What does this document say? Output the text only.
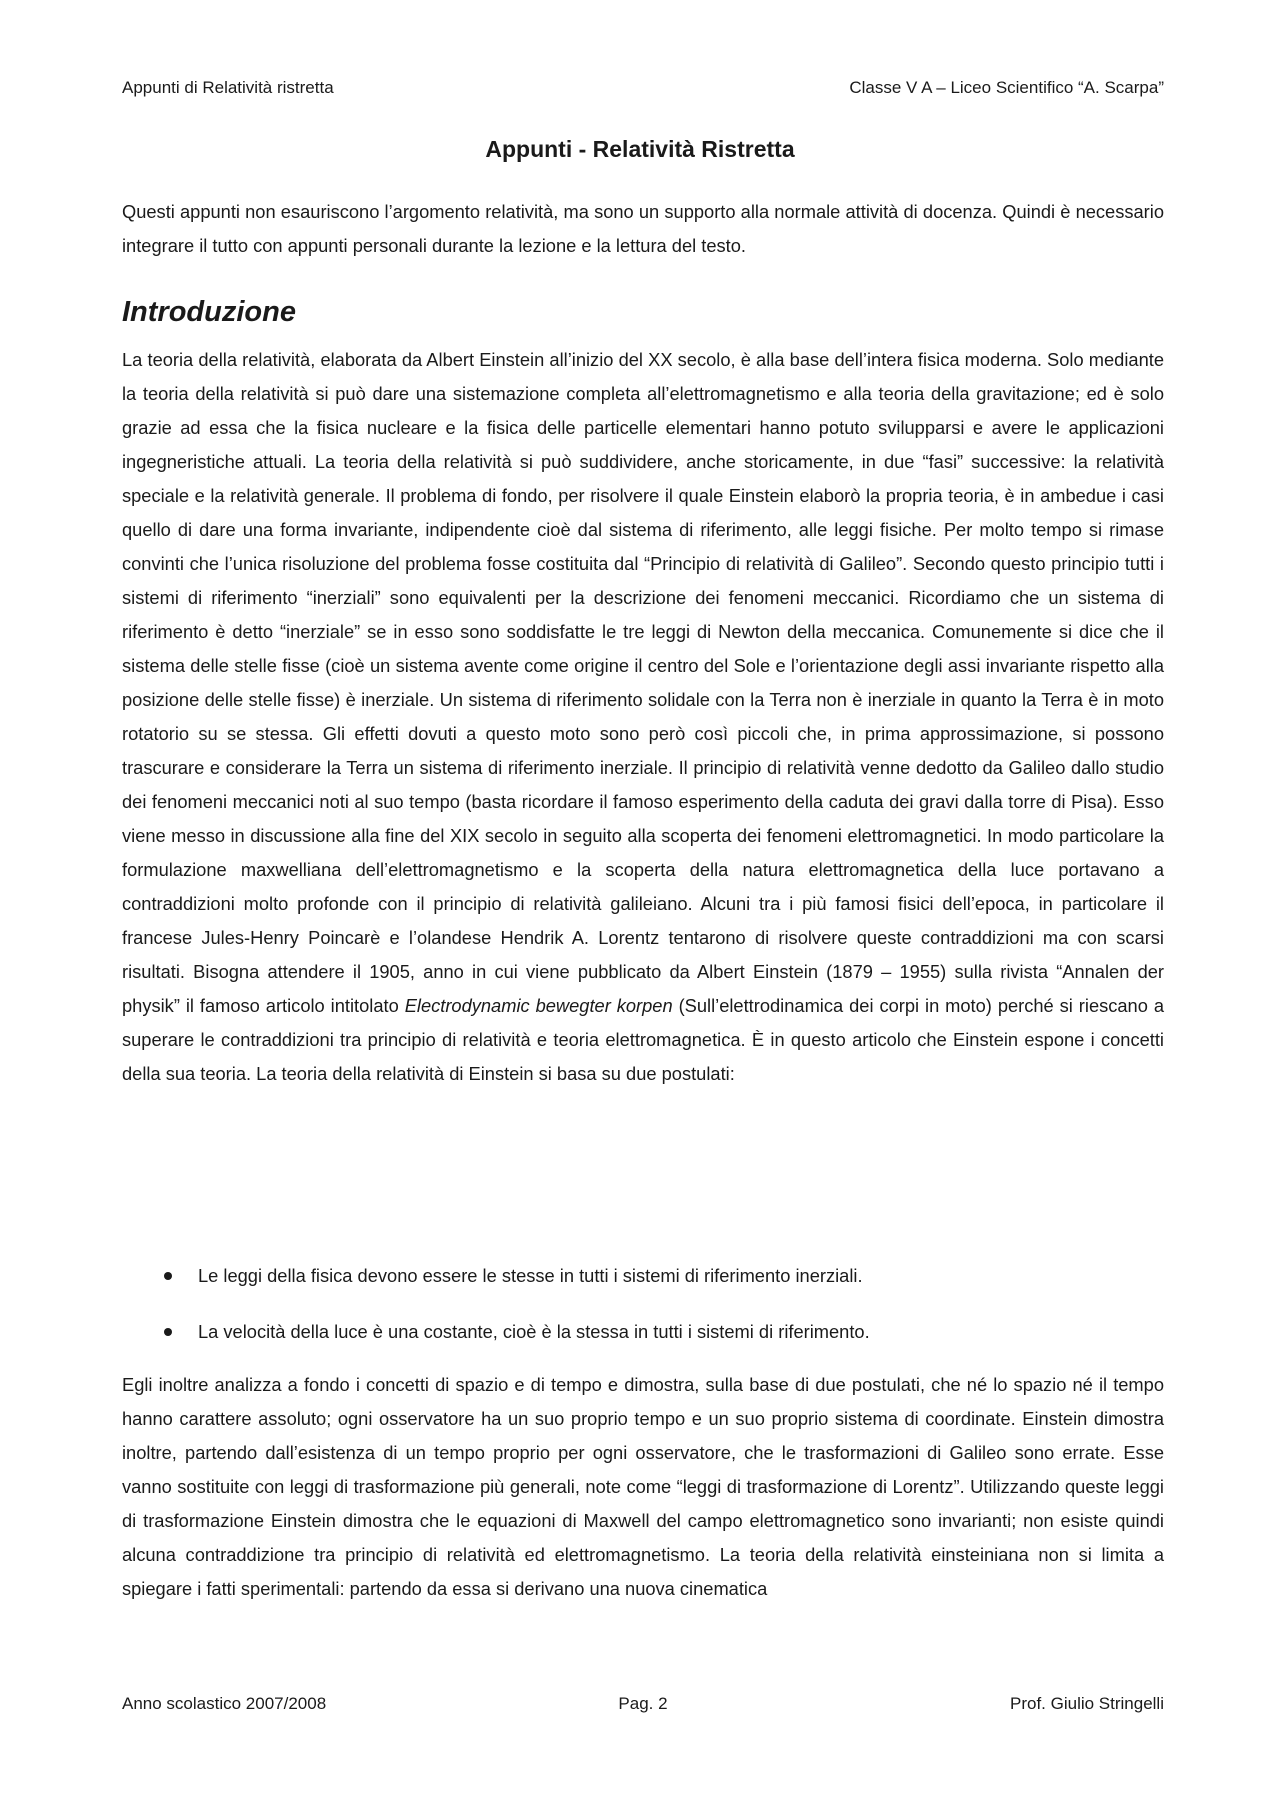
Appunti di Relatività ristretta	Classe V A – Liceo Scientifico “A. Scarpa”
Appunti - Relatività Ristretta
Questi appunti non esauriscono l’argomento relatività, ma sono un supporto alla normale attività di docenza. Quindi è necessario integrare il tutto con appunti personali durante la lezione e la lettura del testo.
Introduzione
La teoria della relatività, elaborata da Albert Einstein all’inizio del XX secolo, è alla base dell’intera fisica moderna. Solo mediante la teoria della relatività si può dare una sistemazione completa all’elettromagnetismo e alla teoria della gravitazione; ed è solo grazie ad essa che la fisica nucleare e la fisica delle particelle elementari hanno potuto svilupparsi e avere le applicazioni ingegneristiche attuali. La teoria della relatività si può suddividere, anche storicamente, in due “fasi” successive: la relatività speciale e la relatività generale. Il problema di fondo, per risolvere il quale Einstein elaborò la propria teoria, è in ambedue i casi quello di dare una forma invariante, indipendente cioè dal sistema di riferimento, alle leggi fisiche. Per molto tempo si rimase convinti che l’unica risoluzione del problema fosse costituita dal “Principio di relatività di Galileo”. Secondo questo principio tutti i sistemi di riferimento “inerziali” sono equivalenti per la descrizione dei fenomeni meccanici. Ricordiamo che un sistema di riferimento è detto “inerziale” se in esso sono soddisfatte le tre leggi di Newton della meccanica. Comunemente si dice che il sistema delle stelle fisse (cioè un sistema avente come origine il centro del Sole e l’orientazione degli assi invariante rispetto alla posizione delle stelle fisse) è inerziale. Un sistema di riferimento solidale con la Terra non è inerziale in quanto la Terra è in moto rotatorio su se stessa. Gli effetti dovuti a questo moto sono però così piccoli che, in prima approssimazione, si possono trascurare e considerare la Terra un sistema di riferimento inerziale. Il principio di relatività venne dedotto da Galileo dallo studio dei fenomeni meccanici noti al suo tempo (basta ricordare il famoso esperimento della caduta dei gravi dalla torre di Pisa). Esso viene messo in discussione alla fine del XIX secolo in seguito alla scoperta dei fenomeni elettromagnetici. In modo particolare la formulazione maxwelliana dell’elettromagnetismo e la scoperta della natura elettromagnetica della luce portavano a contraddizioni molto profonde con il principio di relatività galileiano. Alcuni tra i più famosi fisici dell’epoca, in particolare il francese Jules-Henry Poincarè e l’olandese Hendrik A. Lorentz tentarono di risolvere queste contraddizioni ma con scarsi risultati. Bisogna attendere il 1905, anno in cui viene pubblicato da Albert Einstein (1879 – 1955) sulla rivista “Annalen der physik” il famoso articolo intitolato Electrodynamic bewegter korpen (Sull’elettrodinamica dei corpi in moto) perché si riescano a superare le contraddizioni tra principio di relatività e teoria elettromagnetica. È in questo articolo che Einstein espone i concetti della sua teoria. La teoria della relatività di Einstein si basa su due postulati:
Le leggi della fisica devono essere le stesse in tutti i sistemi di riferimento inerziali.
La velocità della luce è una costante, cioè è la stessa in tutti i sistemi di riferimento.
Egli inoltre analizza a fondo i concetti di spazio e di tempo e dimostra, sulla base di due postulati, che né lo spazio né il tempo hanno carattere assoluto; ogni osservatore ha un suo proprio tempo e un suo proprio sistema di coordinate. Einstein dimostra inoltre, partendo dall’esistenza di un tempo proprio per ogni osservatore, che le trasformazioni di Galileo sono errate. Esse vanno sostituite con leggi di trasformazione più generali, note come “leggi di trasformazione di Lorentz”. Utilizzando queste leggi di trasformazione Einstein dimostra che le equazioni di Maxwell del campo elettromagnetico sono invarianti; non esiste quindi alcuna contraddizione tra principio di relatività ed elettromagnetismo. La teoria della relatività einsteiniana non si limita a spiegare i fatti sperimentali: partendo da essa si derivano una nuova cinematica
Anno scolastico 2007/2008	Pag. 2	Prof. Giulio Stringelli
